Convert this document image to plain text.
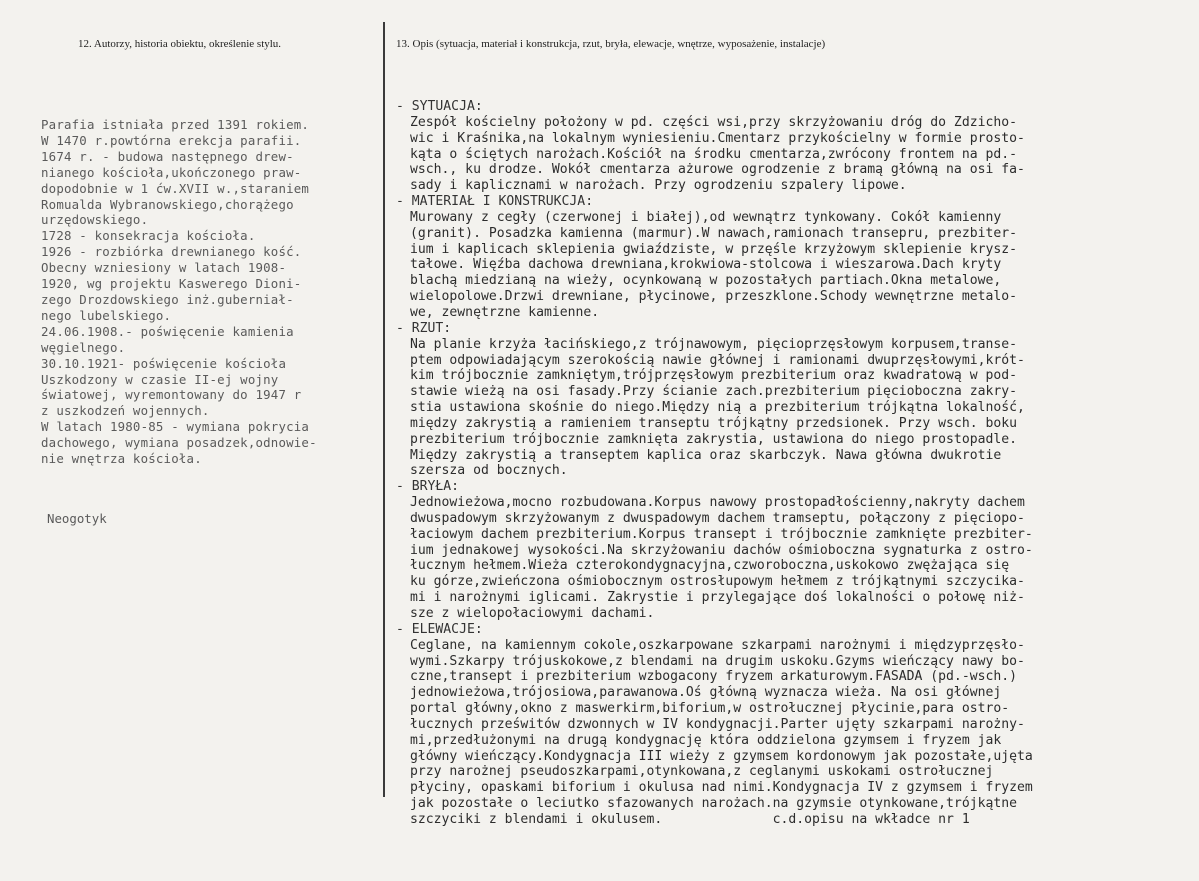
12. Autorzy, historia obiektu, określenie stylu.	13. Opis (sytuacja, materiał i konstrukcja, rzut, bryła, elewacje, wnętrze, wyposażenie, instalacje)
Parafia istniała przed 1391 rokiem.
W 1470 r.powtórna erekcja parafii.
1674 r. - budowa następnego drew-
nianego kościoła,ukończonego praw-
dopodobnie w 1 ćw.XVII w.,staraniem
Romualda Wybranowskiego,chorążego
urzędowskiego.
1728 - konsekracja kościoła.
1926 - rozbiórka drewnianego kość.
Obecny wzniesiony w latach 1908-
1920, wg projektu Kaswerego Dioni-
zego Drozdowskiego inż.guberniał-
nego lubelskiego.
24.06.1908.- poświęcenie kamienia
węgielnego.
30.10.1921- poświęcenie kościoła
Uszkodzony w czasie II-ej wojny
światowej, wyremontowany do 1947 r
z uszkodzeń wojennych.
W latach 1980-85 - wymiana pokrycia
dachowego, wymiana posadzek,odnowie-
nie wnętrza kościoła.
Neogotyk
- SYTUACJA:
Zespół kościelny położony w pd. części wsi,przy skrzyżowaniu dróg do Zdzicho-
wic i Kraśnika,na lokalnym wyniesieniu.Cmentarz przykościelny w formie prosto-
kąta o ściętych narożach.Kościół na środku cmentarza,zwrócony frontem na pd.-
wsch., ku drodze. Wokół cmentarza ażurowe ogrodzenie z bramą główną na osi fa-
sady i kaplicznami w narożach. Przy ogrodzeniu szpalery lipowe.
- MATERIAŁ I KONSTRUKCJA:
Murowany z cegły (czerwonej i białej),od wewnątrz tynkowany. Cokół kamienny
(granit). Posadzka kamienna (marmur).W nawach,ramionach transepru, prezbiter-
ium i kaplicach sklepienia gwiaździste, w przęśle krzyżowym sklepienie krysz-
tałowe. Więźba dachowa drewniana,krokwiowa-stolcowa i wieszarowa.Dach kryty
blachą miedzianą na wieży, ocynkowaną w pozostałych partiach.Okna metalowe,
wielopolowe.Drzwi drewniane, płycinowe, przeszklone.Schody wewnętrzne metalo-
we, zewnętrzne kamienne.
- RZUT:
Na planie krzyża łacińskiego,z trójnawowym, pięcioprzęsłowym korpusem,transe-
ptem odpowiadającym szerokością nawie głównej i ramionami dwuprzęsłowymi,krót-
kim trójbocznie zamkniętym,trójprzęsłowym prezbiterium oraz kwadratową w pod-
stawie wieżą na osi fasady.Przy ścianie zach.prezbiterium pięcioboczna zakry-
stia ustawiona skośnie do niego.Między nią a prezbiterium trójkątna lokalność,
między zakrystią a ramieniem transeptu trójkątny przedsionek. Przy wsch. boku
prezbiterium trójbocznie zamknięta zakrystia, ustawiona do niego prostopadle.
Między zakrystią a transeptem kaplica oraz skarbczyk. Nawa główna dwukrotie
szersza od bocznych.
- BRYŁA:
Jednowieżowa,mocno rozbudowana.Korpus nawowy prostopadłościenny,nakryty dachem
dwuspadowym skrzyżowanym z dwuspadowym dachem tramseptu, połączony z pięciopo-
łaciowym dachem prezbiterium.Korpus transept i trójbocznie zamknięte prezbiter-
ium jednakowej wysokości.Na skrzyżowaniu dachów ośmioboczna sygnaturka z ostro-
łucznym hełmem.Wieża czterokondygnacyjna,czworoboczna,uskokowo zwężająca się
ku górze,zwieńczona ośmiobocznym ostrosłupowym hełmem z trójkątnymi szczycika-
mi i narożnymi iglicami. Zakrystie i przylegające doś lokalności o połowę niż-
sze z wielopołaciowymi dachami.
- ELEWACJE:
Ceglane, na kamiennym cokole,oszkarpowane szkarpami narożnymi i międzyprzęsło-
wymi.Szkarpy trójuskokowe,z blendami na drugim uskoku.Gzyms wieńczący nawy bo-
czne,transept i prezbiterium wzbogacony fryzem arkaturowym.FASADA (pd.-wsch.)
jednowieżowa,trójosiowa,parawanowa.Oś główną wyznacza wieża. Na osi głównej
portal główny,okno z maswerkirm,biforium,w ostrołucznej płycinie,para ostro-
łucznych prześwitów dzwonnych w IV kondygnacji.Parter ujęty szkarpami narożny-
mi,przedłużonymi na drugą kondygnację która oddzielona gzymsem i fryzem jak
główny wieńczący.Kondygnacja III wieży z gzymsem kordonowym jak pozostałe,ujęta
przy narożnej pseudoszkarpami,otynkowana,z ceglanymi uskokami ostrołucznej
płyciny, opaskami biforium i okulusa nad nimi.Kondygnacja IV z gzymsem i fryzem
jak pozostałe o leciutko sfazowanych narożach.na gzymsie otynkowane,trójkątne
szczyciki z blendami i okulusem.              c.d.opisu na wkładce nr 1
